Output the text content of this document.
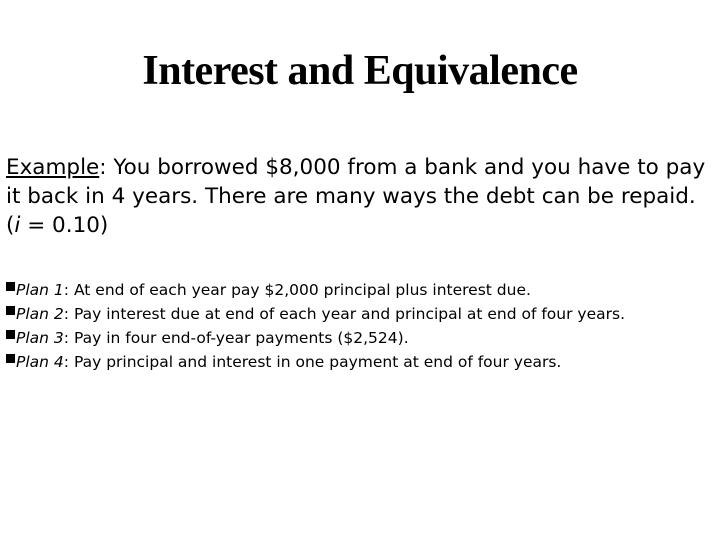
Interest and Equivalence
Example: You borrowed $8,000 from a bank and you have to pay it back in 4 years. There are many ways the debt can be repaid. (i = 0.10)
Plan 1: At end of each year pay $2,000 principal plus interest due.
Plan 2: Pay interest due at end of each year and principal at end of four years.
Plan 3: Pay in four end-of-year payments ($2,524).
Plan 4: Pay principal and interest in one payment at end of four years.
